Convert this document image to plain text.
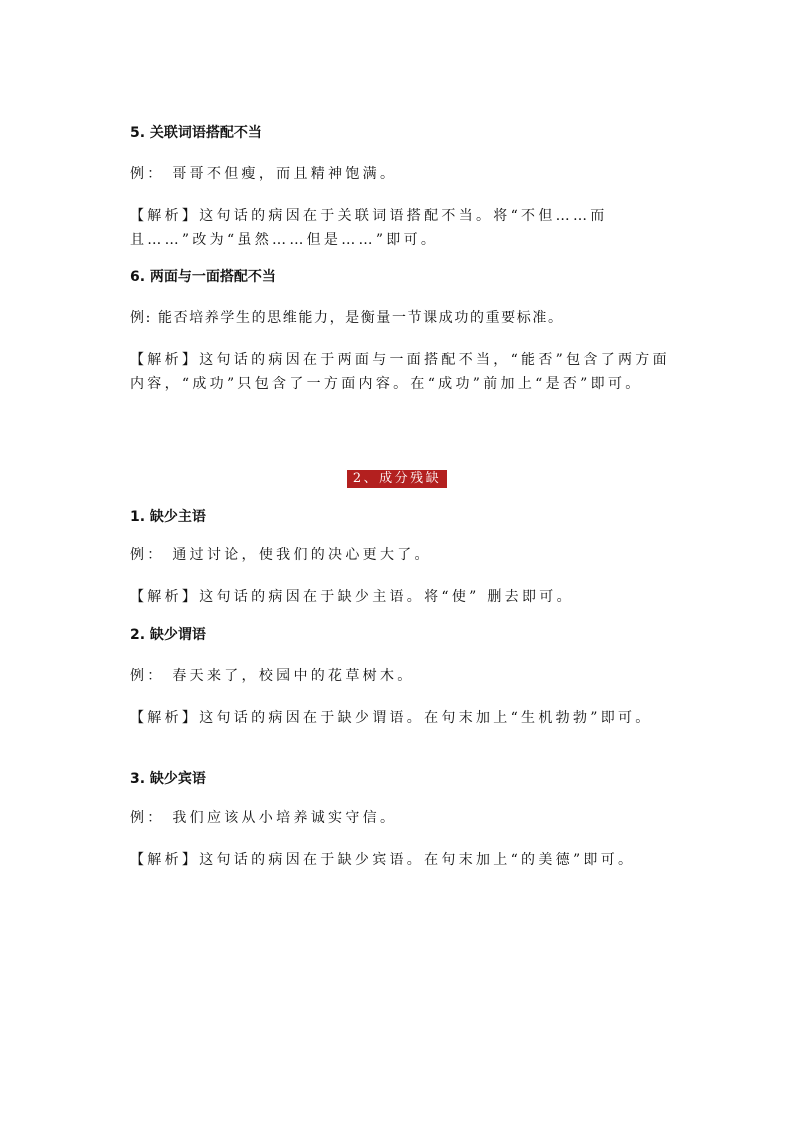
5. 关联词语搭配不当

例： 哥哥不但瘦，而且精神饱满。

【解析】这句话的病因在于关联词语搭配不当。将“不但……而且……”改为“虽然……但是……”即可。

6. 两面与一面搭配不当

例: 能否培养学生的思维能力，是衡量一节课成功的重要标准。

【解析】这句话的病因在于两面与一面搭配不当，“能否”包含了两方面内容，“成功”只包含了一方面内容。在“成功”前加上“是否”即可。

2、成分残缺

1. 缺少主语

例： 通过讨论，使我们的决心更大了。

【解析】这句话的病因在于缺少主语。将“使” 删去即可。

2. 缺少谓语

例： 春天来了，校园中的花草树木。

【解析】这句话的病因在于缺少谓语。在句末加上“生机勃勃”即可。

3. 缺少宾语

例： 我们应该从小培养诚实守信。

【解析】这句话的病因在于缺少宾语。在句末加上“的美德”即可。
